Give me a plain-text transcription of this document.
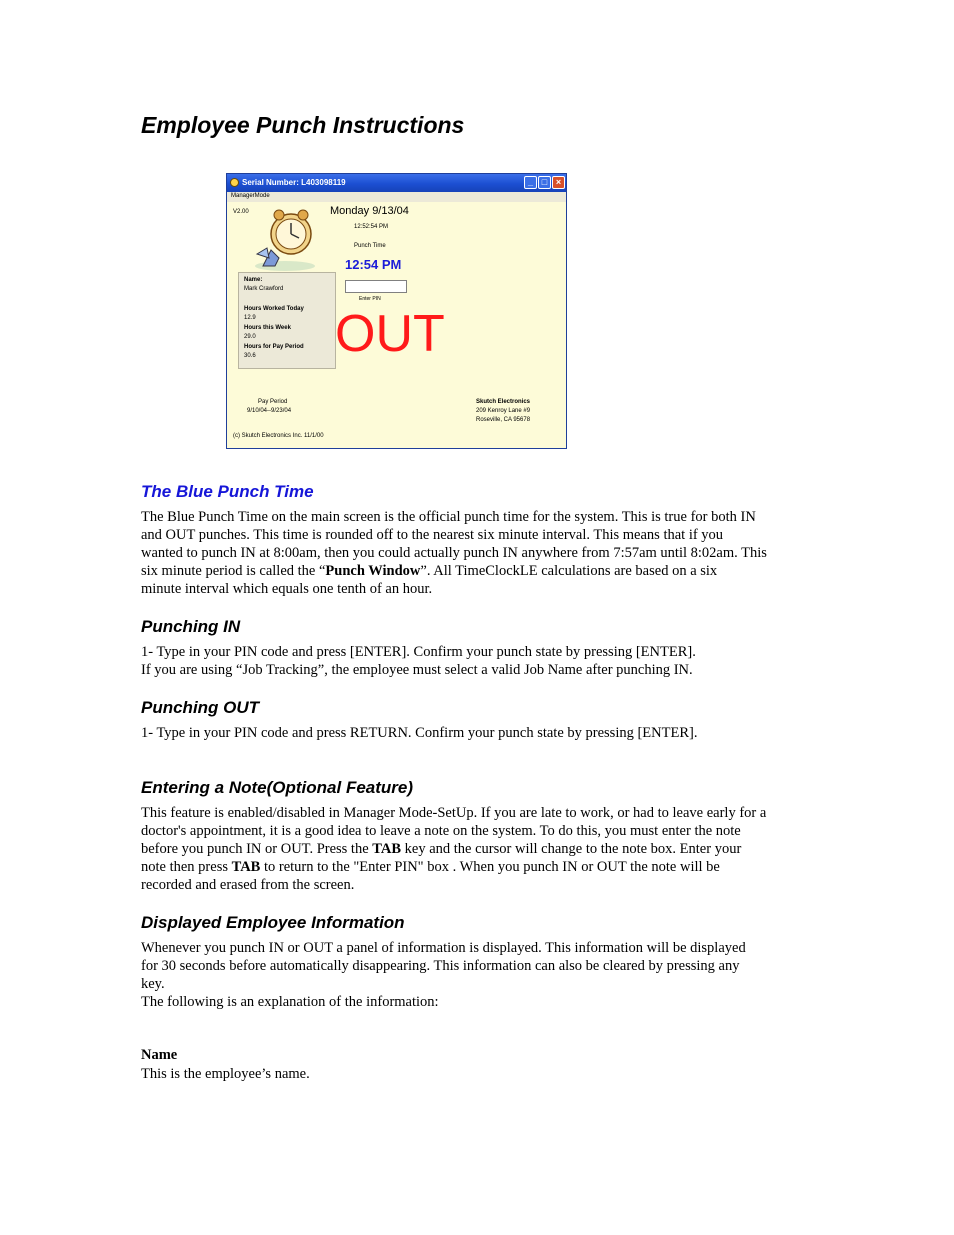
Employee Punch Instructions
Serial Number: L403098119	_ □ ×
ManagerMode
V2.00	Monday 9/13/04
12:52:54 PM
Punch Time
12:54 PM
Enter PIN
Name:
Mark Crawford
Hours Worked Today
12.9
Hours this Week
29.0
Hours for Pay Period
30.6 OUT
Pay Period
9/10/04--9/23/04
Skutch Electronics
209 Kenroy Lane #9
Roseville, CA 95678
(c) Skutch Electronics Inc. 11/1/00
The Blue Punch Time

The Blue Punch Time on the main screen is the official punch time for the system. This is true for both IN
and OUT punches. This time is rounded off to the nearest six minute interval. This means that if you
wanted to punch IN at 8:00am, then you could actually punch IN anywhere from 7:57am until 8:02am. This
six minute period is called the “Punch Window”. All TimeClockLE calculations are based on a six
minute interval which equals one tenth of an hour.

Punching IN

1- Type in your PIN code and press [ENTER]. Confirm your punch state by pressing [ENTER].
If you are using “Job Tracking”, the employee must select a valid Job Name after punching IN.

Punching OUT

1- Type in your PIN code and press RETURN. Confirm your punch state by pressing [ENTER].

Entering a Note(Optional Feature)

This feature is enabled/disabled in Manager Mode-SetUp. If you are late to work, or had to leave early for a
doctor's appointment, it is a good idea to leave a note on the system. To do this, you must enter the note
before you punch IN or OUT. Press the TAB key and the cursor will change to the note box. Enter your
note then press TAB to return to the "Enter PIN" box . When you punch IN or OUT the note will be
recorded and erased from the screen.

Displayed Employee Information

Whenever you punch IN or OUT a panel of information is displayed. This information will be displayed
for 30 seconds before automatically disappearing. This information can also be cleared by pressing any
key.
The following is an explanation of the information:

Name

This is the employee’s name.
